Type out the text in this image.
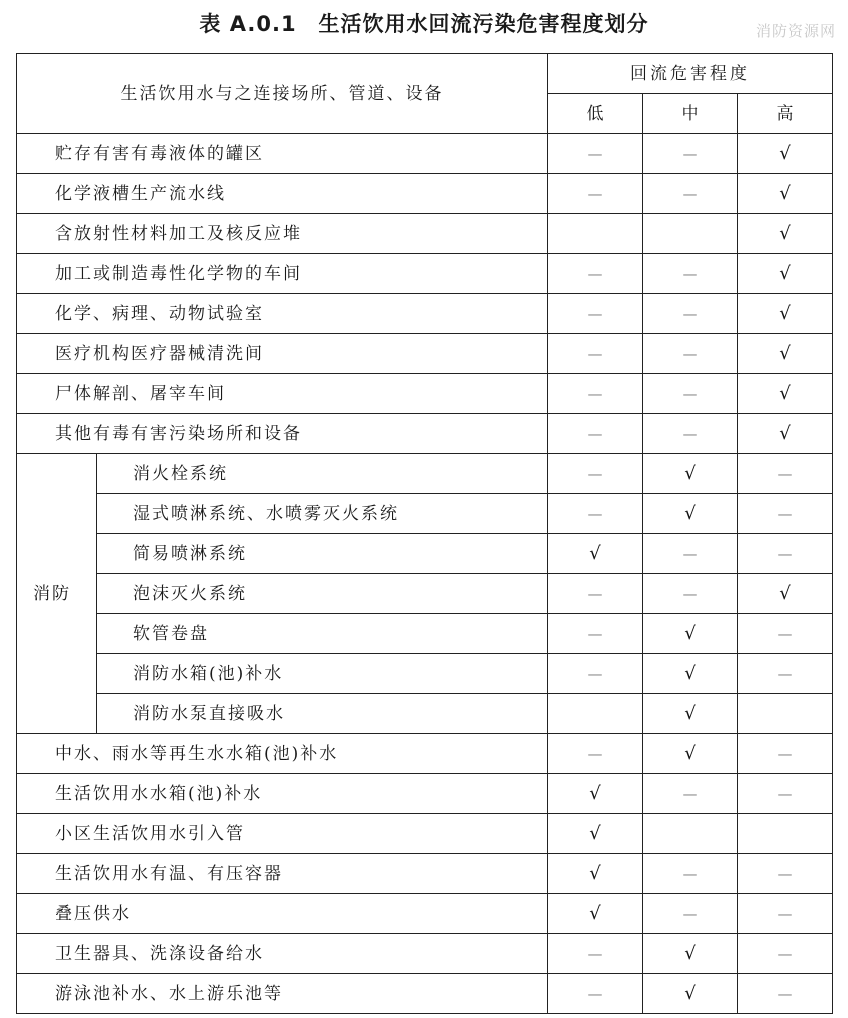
表 A.0.1　生活饮用水回流污染危害程度划分	消防资源网
生活饮用水与之连接场所、管道、设备		回流危害程度		
		低	中	高
贮存有害有毒液体的罐区		—	—	√
化学液槽生产流水线		—	—	√
含放射性材料加工及核反应堆				√
加工或制造毒性化学物的车间		—	—	√
化学、病理、动物试验室		—	—	√
医疗机构医疗器械清洗间		—	—	√
尸体解剖、屠宰车间		—	—	√
其他有毒有害污染场所和设备		—	—	√
消防	消火栓系统	—	√	—
	湿式喷淋系统、水喷雾灭火系统	—	√	—
	简易喷淋系统	√	—	—
	泡沫灭火系统	—	—	√
	软管卷盘	—	√	—
	消防水箱(池)补水	—	√	—
	消防水泵直接吸水		√	
中水、雨水等再生水水箱(池)补水		—	√	—
生活饮用水水箱(池)补水		√	—	—
小区生活饮用水引入管		√		
生活饮用水有温、有压容器		√	—	—
叠压供水		√	—	—
卫生器具、洗涤设备给水		—	√	—
游泳池补水、水上游乐池等		—	√	—
